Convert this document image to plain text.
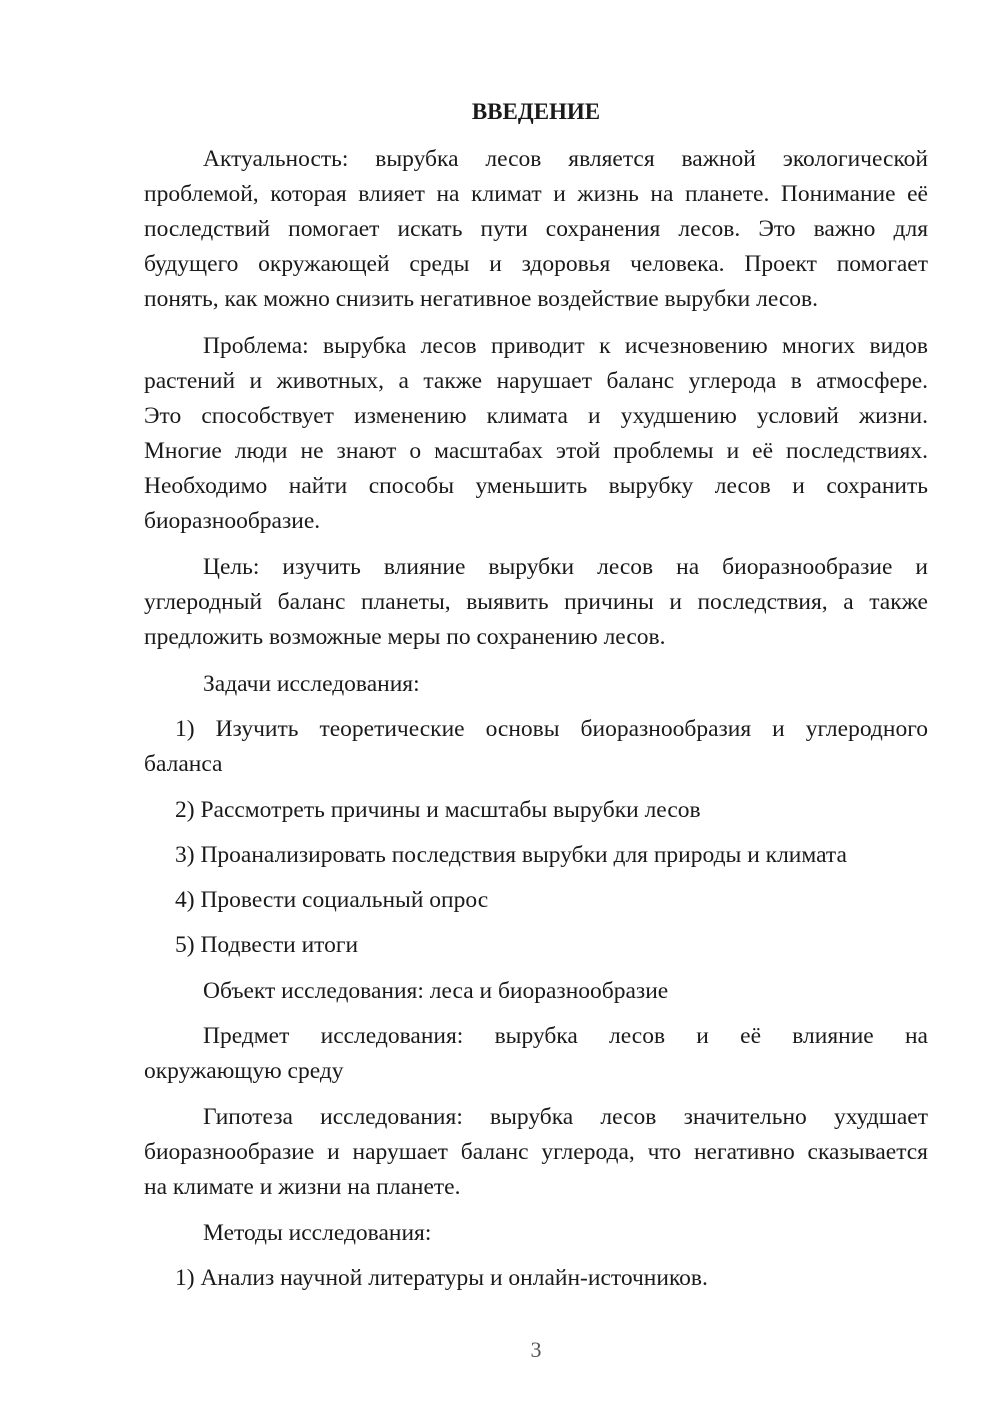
ВВЕДЕНИЕ
Актуальность: вырубка лесов является важной экологической
проблемой, которая влияет на климат и жизнь на планете. Понимание её
последствий помогает искать пути сохранения лесов. Это важно для
будущего окружающей среды и здоровья человека. Проект помогает
понять, как можно снизить негативное воздействие вырубки лесов.
Проблема: вырубка лесов приводит к исчезновению многих видов
растений и животных, а также нарушает баланс углерода в атмосфере.
Это способствует изменению климата и ухудшению условий жизни.
Многие люди не знают о масштабах этой проблемы и её последствиях.
Необходимо найти способы уменьшить вырубку лесов и сохранить
биоразнообразие.
Цель: изучить влияние вырубки лесов на биоразнообразие и
углеродный баланс планеты, выявить причины и последствия, а также
предложить возможные меры по сохранению лесов.
Задачи исследования:
1) Изучить теоретические основы биоразнообразия и углеродного
баланса
2) Рассмотреть причины и масштабы вырубки лесов
3) Проанализировать последствия вырубки для природы и климата
4) Провести социальный опрос
5) Подвести итоги
Объект исследования: леса и биоразнообразие
Предмет исследования: вырубка лесов и её влияние на
окружающую среду
Гипотеза исследования: вырубка лесов значительно ухудшает
биоразнообразие и нарушает баланс углерода, что негативно сказывается
на климате и жизни на планете.
Методы исследования:
1) Анализ научной литературы и онлайн-источников.
3
